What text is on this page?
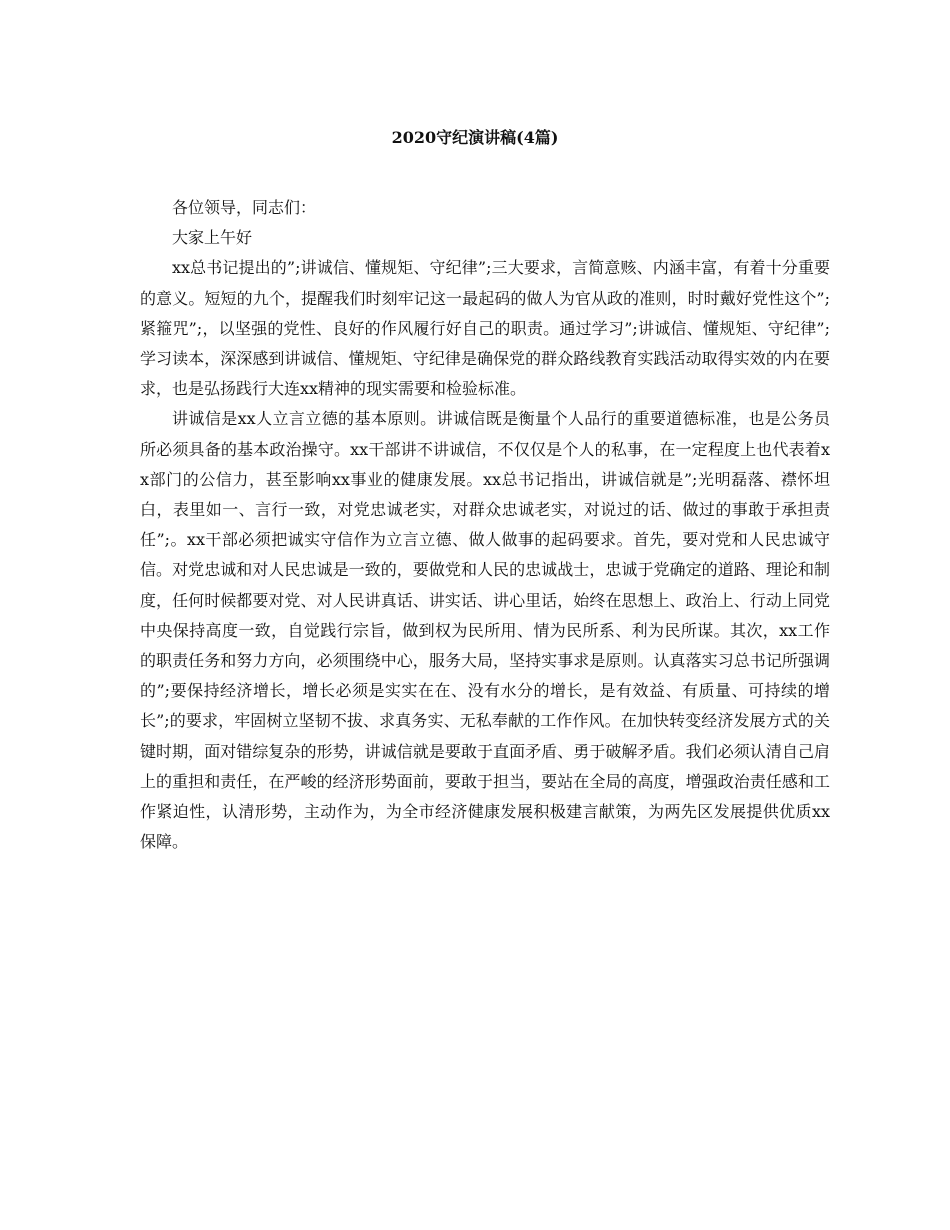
2020守纪演讲稿(4篇)

各位领导，同志们：

大家上午好

xx总书记提出的”;讲诚信、懂规矩、守纪律”;三大要求，言简意赅、内涵丰富，有着十分重要的意义。短短的九个，提醒我们时刻牢记这一最起码的做人为官从政的准则，时时戴好党性这个”;紧箍咒”;，以坚强的党性、良好的作风履行好自己的职责。通过学习”;讲诚信、懂规矩、守纪律”;学习读本，深深感到讲诚信、懂规矩、守纪律是确保党的群众路线教育实践活动取得实效的内在要求，也是弘扬践行大连xx精神的现实需要和检验标准。

讲诚信是xx人立言立德的基本原则。讲诚信既是衡量个人品行的重要道德标准，也是公务员所必须具备的基本政治操守。xx干部讲不讲诚信，不仅仅是个人的私事，在一定程度上也代表着xx部门的公信力，甚至影响xx事业的健康发展。xx总书记指出，讲诚信就是”;光明磊落、襟怀坦白，表里如一、言行一致，对党忠诚老实，对群众忠诚老实，对说过的话、做过的事敢于承担责任”;。xx干部必须把诚实守信作为立言立德、做人做事的起码要求。首先，要对党和人民忠诚守信。对党忠诚和对人民忠诚是一致的，要做党和人民的忠诚战士，忠诚于党确定的道路、理论和制度，任何时候都要对党、对人民讲真话、讲实话、讲心里话，始终在思想上、政治上、行动上同党中央保持高度一致，自觉践行宗旨，做到权为民所用、情为民所系、利为民所谋。其次，xx工作的职责任务和努力方向，必须围绕中心，服务大局，坚持实事求是原则。认真落实习总书记所强调的”;要保持经济增长，增长必须是实实在在、没有水分的增长，是有效益、有质量、可持续的增长”;的要求，牢固树立坚韧不拔、求真务实、无私奉献的工作作风。在加快转变经济发展方式的关键时期，面对错综复杂的形势，讲诚信就是要敢于直面矛盾、勇于破解矛盾。我们必须认清自己肩上的重担和责任，在严峻的经济形势面前，要敢于担当，要站在全局的高度，增强政治责任感和工作紧迫性，认清形势，主动作为，为全市经济健康发展积极建言献策，为两先区发展提供优质xx保障。
